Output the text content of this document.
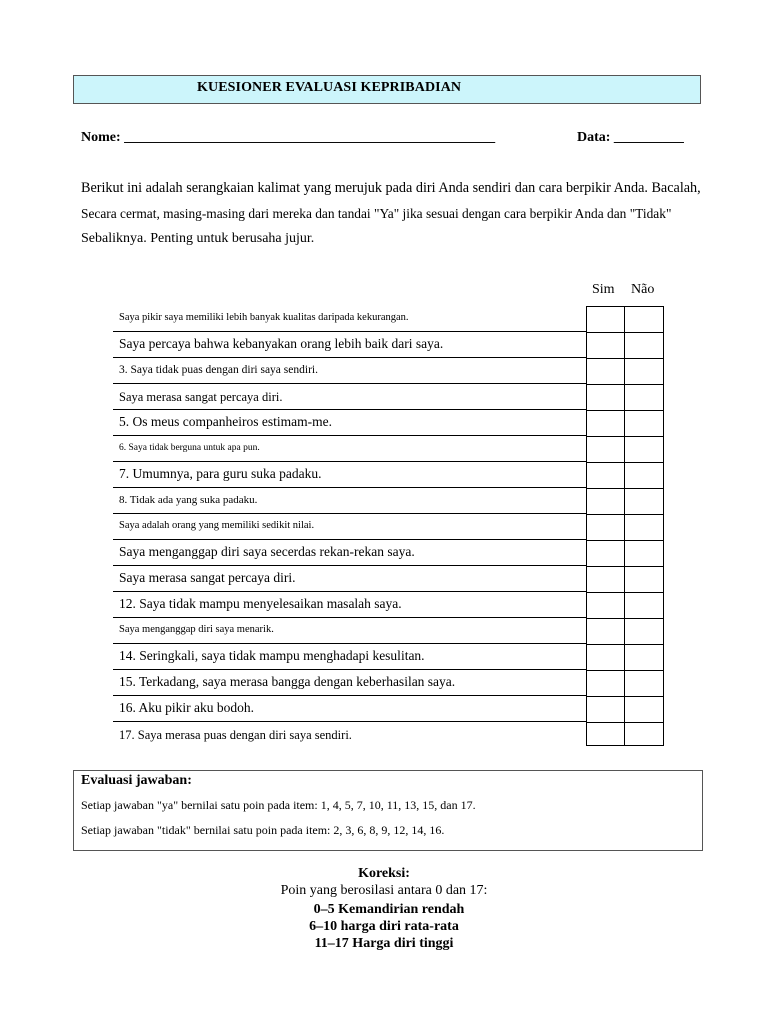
KUESIONER EVALUASI KEPRIBADIAN
Nome: _____________________________________________________	Data: __________
Berikut ini adalah serangkaian kalimat yang merujuk pada diri Anda sendiri dan cara berpikir Anda. Bacalah,
Secara cermat, masing-masing dari mereka dan tandai "Ya" jika sesuai dengan cara berpikir Anda dan "Tidak"
Sebaliknya. Penting untuk berusaha jujur.
Sim Não
Saya pikir saya memiliki lebih banyak kualitas daripada kekurangan.
Saya percaya bahwa kebanyakan orang lebih baik dari saya.
3. Saya tidak puas dengan diri saya sendiri.
Saya merasa sangat percaya diri.
5. Os meus companheiros estimam-me.
6. Saya tidak berguna untuk apa pun.
7. Umumnya, para guru suka padaku.
8. Tidak ada yang suka padaku.
Saya adalah orang yang memiliki sedikit nilai.
Saya menganggap diri saya secerdas rekan-rekan saya.
Saya merasa sangat percaya diri.
12. Saya tidak mampu menyelesaikan masalah saya.
Saya menganggap diri saya menarik.
14. Seringkali, saya tidak mampu menghadapi kesulitan.
15. Terkadang, saya merasa bangga dengan keberhasilan saya.
16. Aku pikir aku bodoh.
17. Saya merasa puas dengan diri saya sendiri.
Evaluasi jawaban:
Setiap jawaban "ya" bernilai satu poin pada item: 1, 4, 5, 7, 10, 11, 13, 15, dan 17.
Setiap jawaban "tidak" bernilai satu poin pada item: 2, 3, 6, 8, 9, 12, 14, 16.
Koreksi:
Poin yang berosilasi antara 0 dan 17:
0–5 Kemandirian rendah
6–10 harga diri rata-rata
11–17 Harga diri tinggi
